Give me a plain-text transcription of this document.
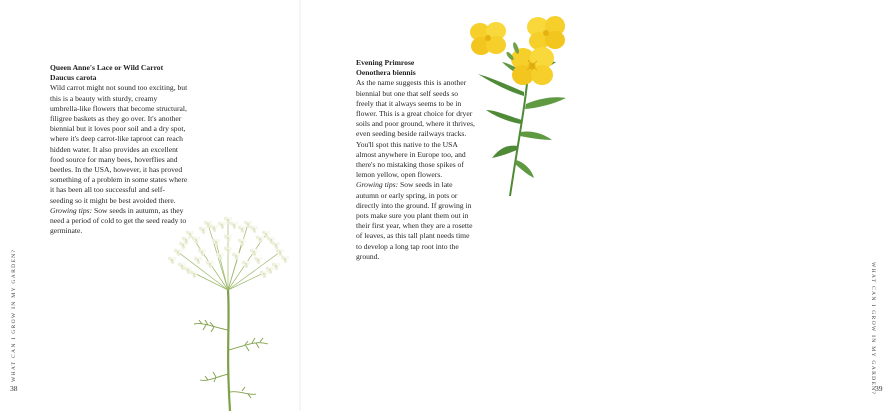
Queen Anne's Lace or Wild Carrot
Daucus carota

Wild carrot might not sound too exciting, but this is a beauty with sturdy, creamy umbrella-like flowers that become structural, filigree baskets as they go over. It's another biennial but it loves poor soil and a dry spot, where it's deep carrot-like taproot can reach hidden water. It also provides an excellent food source for many bees, hoverflies and beetles. In the USA, however, it has proved something of a problem in some states where it has been all too successful and self-seeding so it might be best avoided there.
Growing tips: Sow seeds in autumn, as they need a period of cold to get the seed ready to germinate.

WHAT CAN I GROW IN MY GARDEN?
38
Evening Primrose
Oenothera biennis

As the name suggests this is another biennial but one that self seeds so freely that it always seems to be in flower. This is a great choice for dryer soils and poor ground, where it thrives, even seeding beside railways tracks. You'll spot this native to the USA almost anywhere in Europe too, and there's no mistaking those spikes of lemon yellow, open flowers.
Growing tips: Sow seeds in late autumn or early spring, in pots or directly into the ground. If growing in pots make sure you plant them out in their first year, when they are a rosette of leaves, as this tall plant needs time to develop a long tap root into the ground.

WHAT CAN I GROW IN MY GARDEN? 39
